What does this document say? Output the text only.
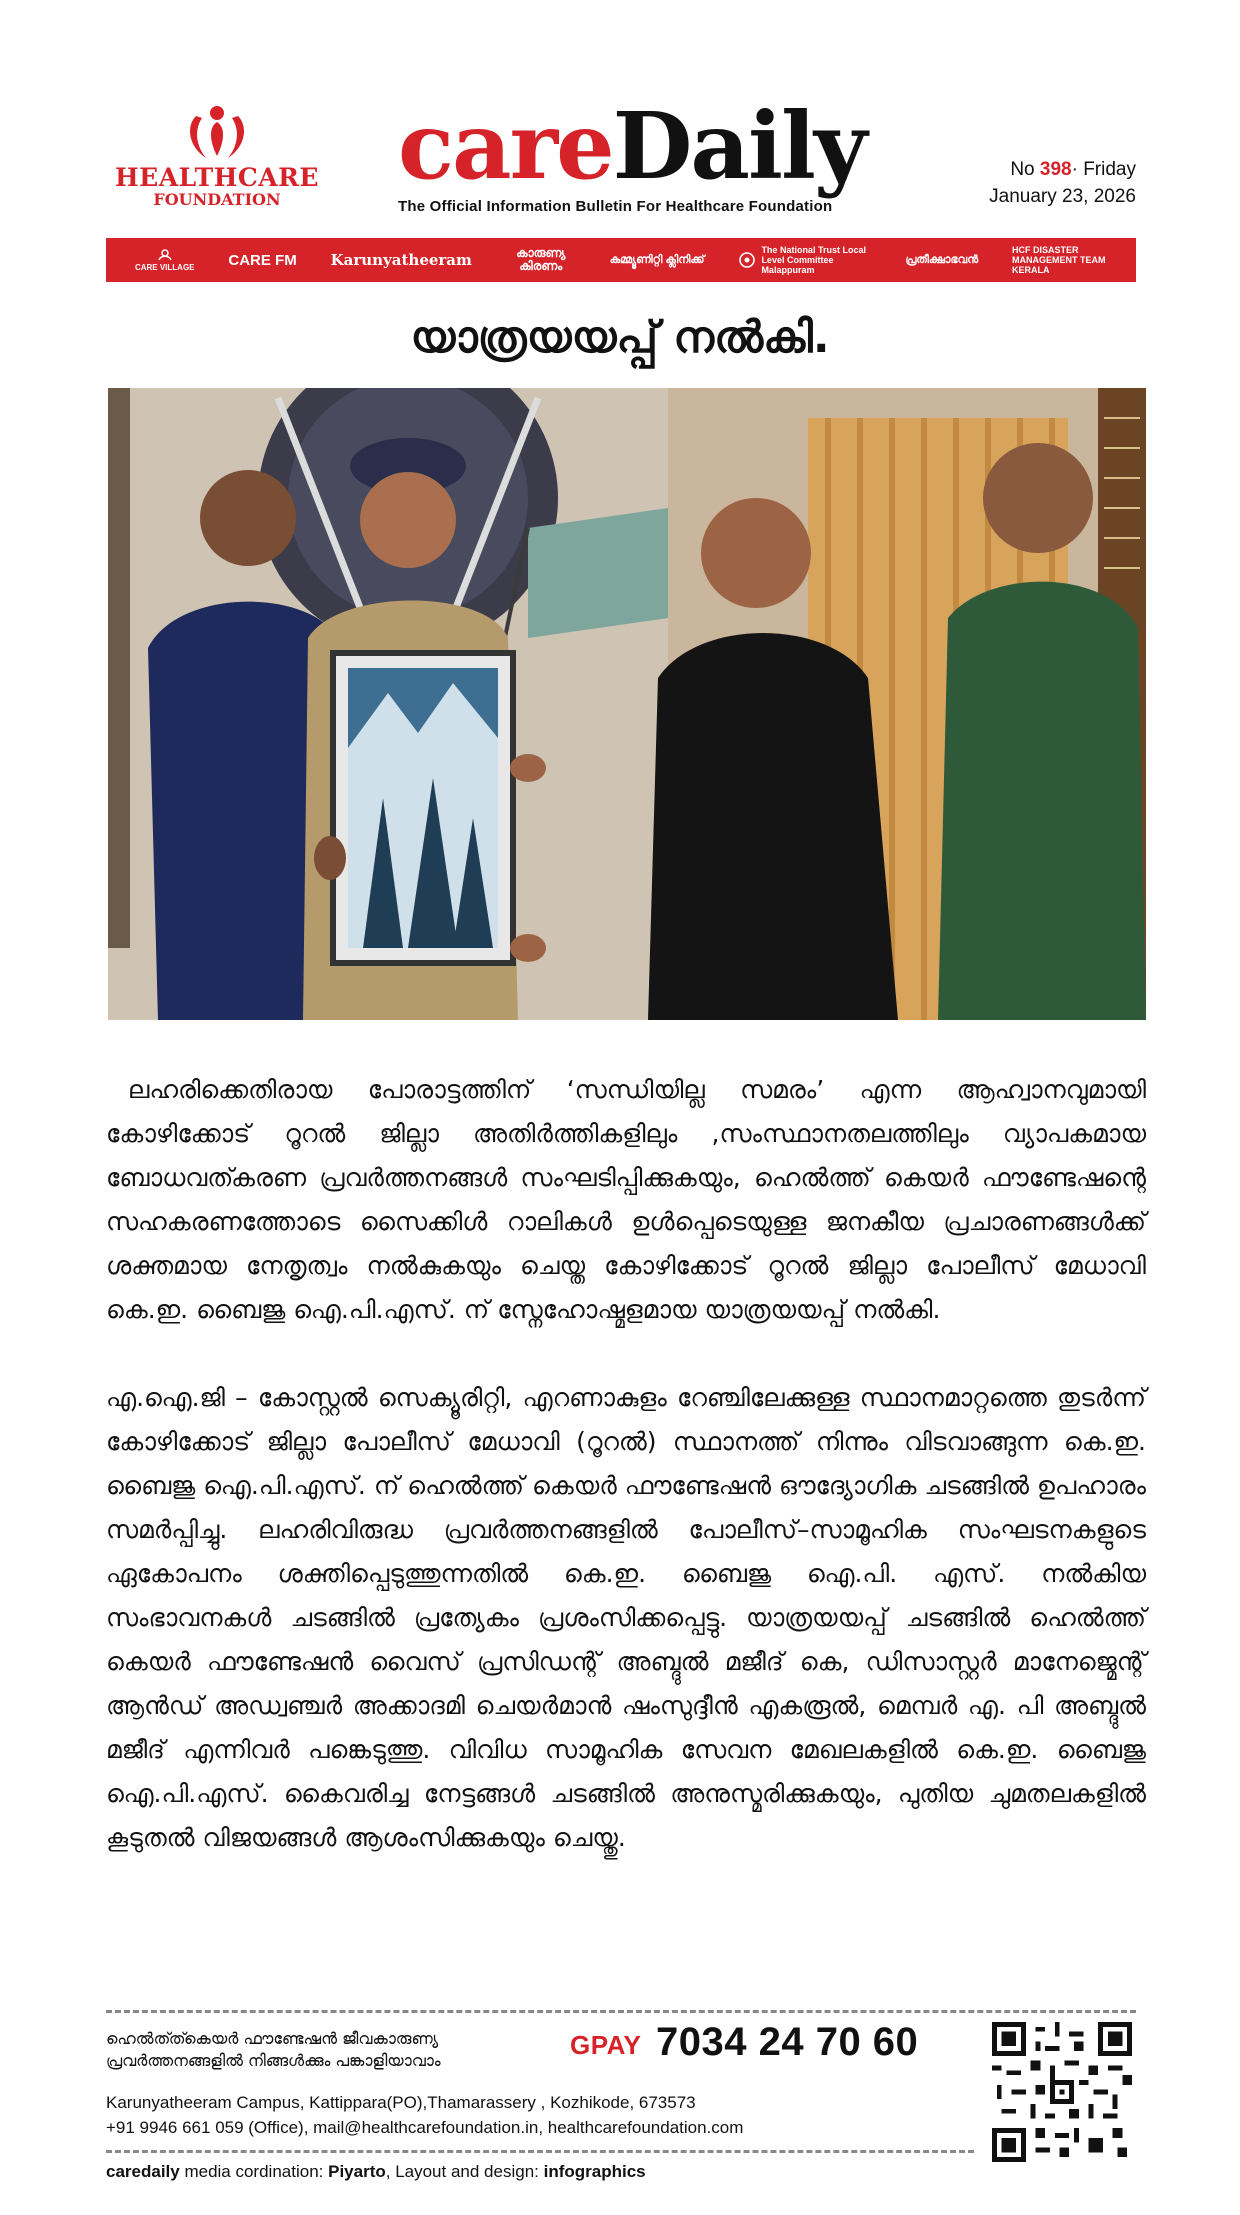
HEALTHCARE
FOUNDATION	careDaily
The Official Information Bulletin For Healthcare Foundation
No 398· Friday
January 23, 2026

CARE VILLAGE CARE FM Karunyatheeram	കാരുണ്യ കിരണം	കമ്മ്യൂണിറ്റി ക്ലിനിക്ക്
The National Trust Local Level Committee Malappuram
പ്രതീക്ഷാഭവൻ
HCF DISASTER MANAGEMENT TEAM KERALA
യാത്രയയപ്പ് നൽകി.

ലഹരിക്കെതിരായ പോരാട്ടത്തിന് ‘സന്ധിയില്ല സമരം’ എന്ന ആഹ്വാനവുമായി കോഴിക്കോട് റൂറൽ ജില്ലാ അതിർത്തികളിലും ,സംസ്ഥാനതലത്തിലും വ്യാപകമായ ബോധവത്കരണ പ്രവർത്തനങ്ങൾ സംഘടിപ്പിക്കുകയും, ഹെൽത്ത് കെയർ ഫൗണ്ടേഷന്റെ സഹകരണത്തോടെ സൈക്കിൾ റാലികൾ ഉൾപ്പെടെയുള്ള ജനകീയ പ്രചാരണങ്ങൾക്ക് ശക്തമായ നേതൃത്വം നൽകുകയും ചെയ്ത കോഴിക്കോട് റൂറൽ ജില്ലാ പോലീസ് മേധാവി കെ.ഇ. ബൈജു ഐ.പി.എസ്. ന് സ്നേഹോഷ്മളമായ യാത്രയയപ്പ് നൽകി.

എ.ഐ.ജി – കോസ്റ്റൽ സെക്യൂരിറ്റി, എറണാകുളം റേഞ്ചിലേക്കുള്ള സ്ഥാനമാറ്റത്തെ തുടർന്ന് കോഴിക്കോട് ജില്ലാ പോലീസ് മേധാവി (റൂറൽ) സ്ഥാനത്ത് നിന്നും വിടവാങ്ങുന്ന കെ.ഇ. ബൈജു ഐ.പി.എസ്. ന് ഹെൽത്ത് കെയർ ഫൗണ്ടേഷൻ ഔദ്യോഗിക ചടങ്ങിൽ ഉപഹാരം സമർപ്പിച്ചു. ലഹരിവിരുദ്ധ പ്രവർത്തനങ്ങളിൽ പോലീസ്–സാമൂഹിക സംഘടനകളുടെ ഏകോപനം ശക്തിപ്പെടുത്തുന്നതിൽ കെ.ഇ. ബൈജു ഐ.പി. എസ്. നൽകിയ സംഭാവനകൾ ചടങ്ങിൽ പ്രത്യേകം പ്രശംസിക്കപ്പെട്ടു. യാത്രയയപ്പ് ചടങ്ങിൽ ഹെൽത്ത് കെയർ ഫൗണ്ടേഷൻ വൈസ് പ്രസിഡന്റ് അബ്ദുൽ മജീദ് കെ, ഡിസാസ്റ്റർ മാനേജ്മെന്റ് ആൻഡ് അഡ്വഞ്ചർ അക്കാദമി ചെയർമാൻ ഷംസുദ്ദീൻ എകരൂൽ, മെമ്പർ എ. പി അബ്ദുൽ മജീദ് എന്നിവർ പങ്കെടുത്തു. വിവിധ സാമൂഹിക സേവന മേഖലകളിൽ കെ.ഇ. ബൈജു ഐ.പി.എസ്. കൈവരിച്ച നേട്ടങ്ങൾ ചടങ്ങിൽ അനുസ്മരിക്കുകയും, പുതിയ ചുമതലകളിൽ കൂടുതൽ വിജയങ്ങൾ ആശംസിക്കുകയും ചെയ്തു.

ഹെൽത്ത്കെയർ ഫൗണ്ടേഷൻ ജീവകാരുണ്യ
പ്രവർത്തനങ്ങളിൽ നിങ്ങൾക്കും പങ്കാളിയാവാം
GPAY 7034 24 70 60
Karunyatheeram Campus, Kattippara(PO),Thamarassery , Kozhikode, 673573
+91 9946 661 059 (Office), mail@healthcarefoundation.in, healthcarefoundation.com
caredaily media cordination: Piyarto, Layout and design: infographics
